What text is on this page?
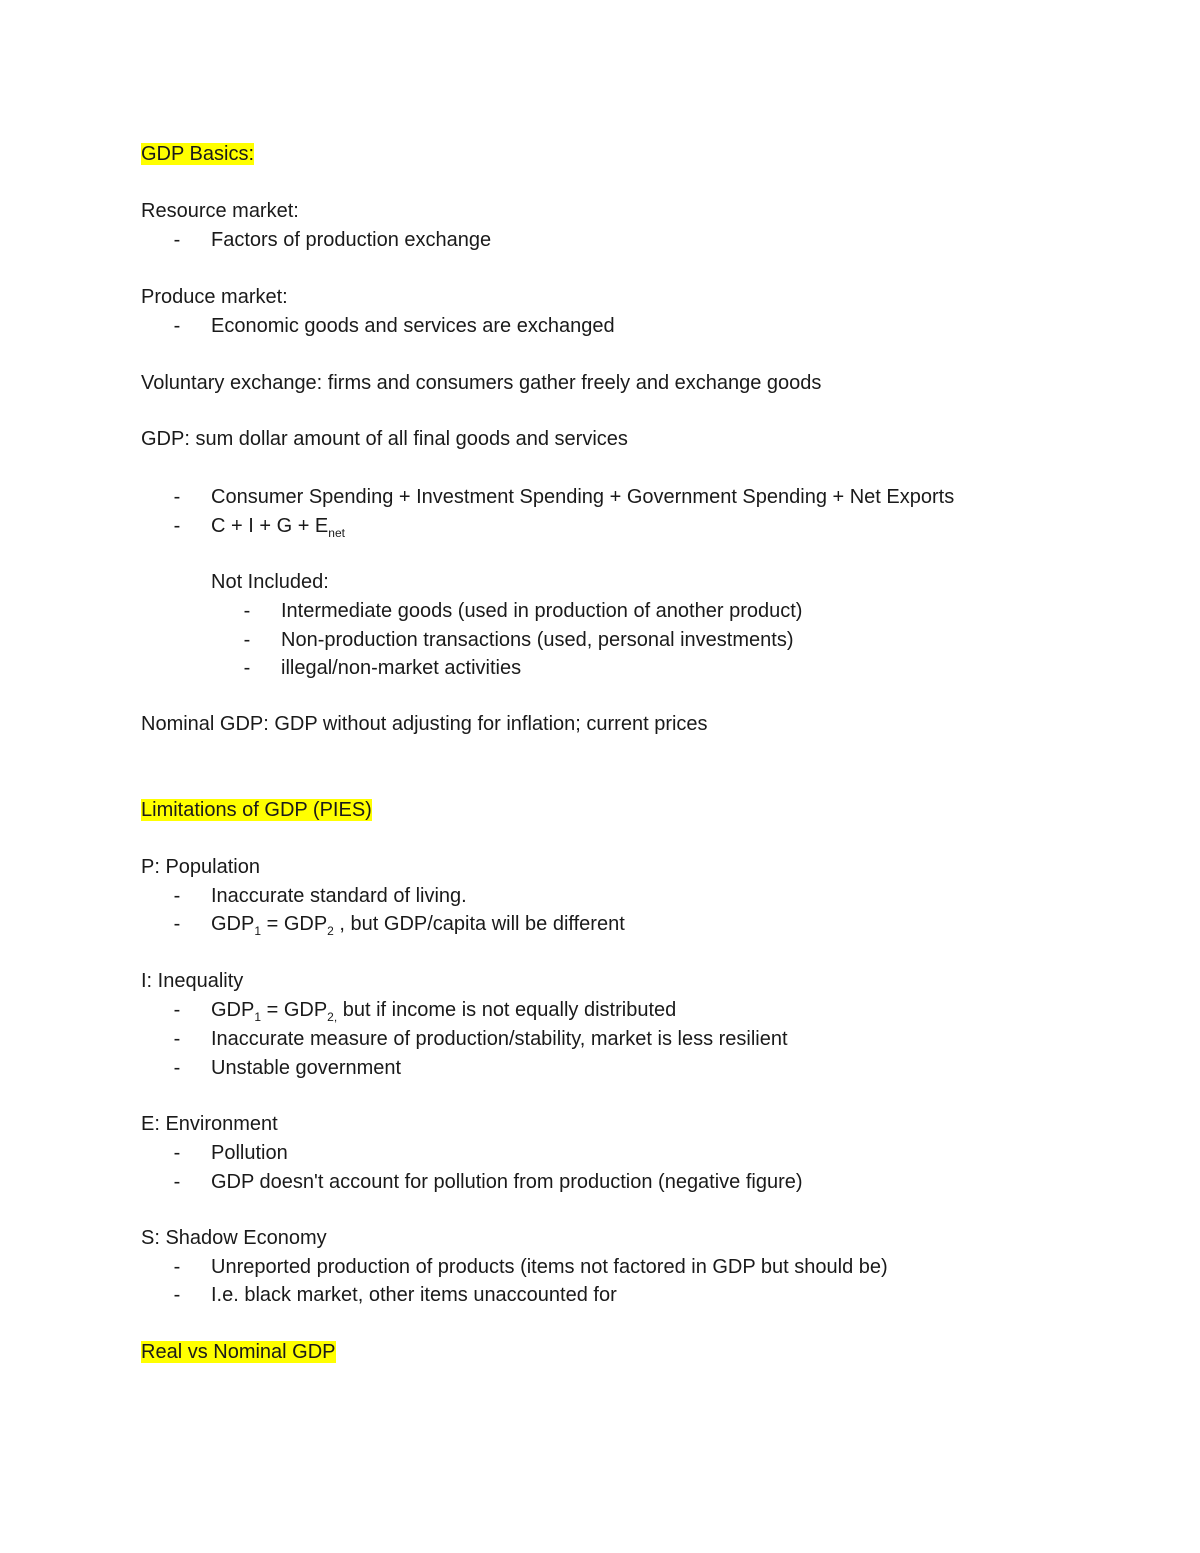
GDP Basics:
Resource market:
-	Factors of production exchange
Produce market:
-	Economic goods and services are exchanged
Voluntary exchange: firms and consumers gather freely and exchange goods
GDP: sum dollar amount of all final goods and services
-	Consumer Spending + Investment Spending + Government Spending + Net Exports
-	$C + I + G + E_{net}$
Not Included:
-	Intermediate goods (used in production of another product)
-	Non-production transactions (used, personal investments)
-	illegal/non-market activities
Nominal GDP: GDP without adjusting for inflation; current prices
Limitations of GDP (PIES)
P: Population
-	Inaccurate standard of living.
-	$GDP_1 = GDP_2$ , but GDP/capita will be different
I: Inequality
-	$GDP_1 = GDP_{2,}$ but if income is not equally distributed
-	Inaccurate measure of production/stability, market is less resilient
-	Unstable government
E: Environment
-	Pollution
-	GDP doesn't account for pollution from production (negative figure)
S: Shadow Economy
-	Unreported production of products (items not factored in GDP but should be)
-	I.e. black market, other items unaccounted for
Real vs Nominal GDP
